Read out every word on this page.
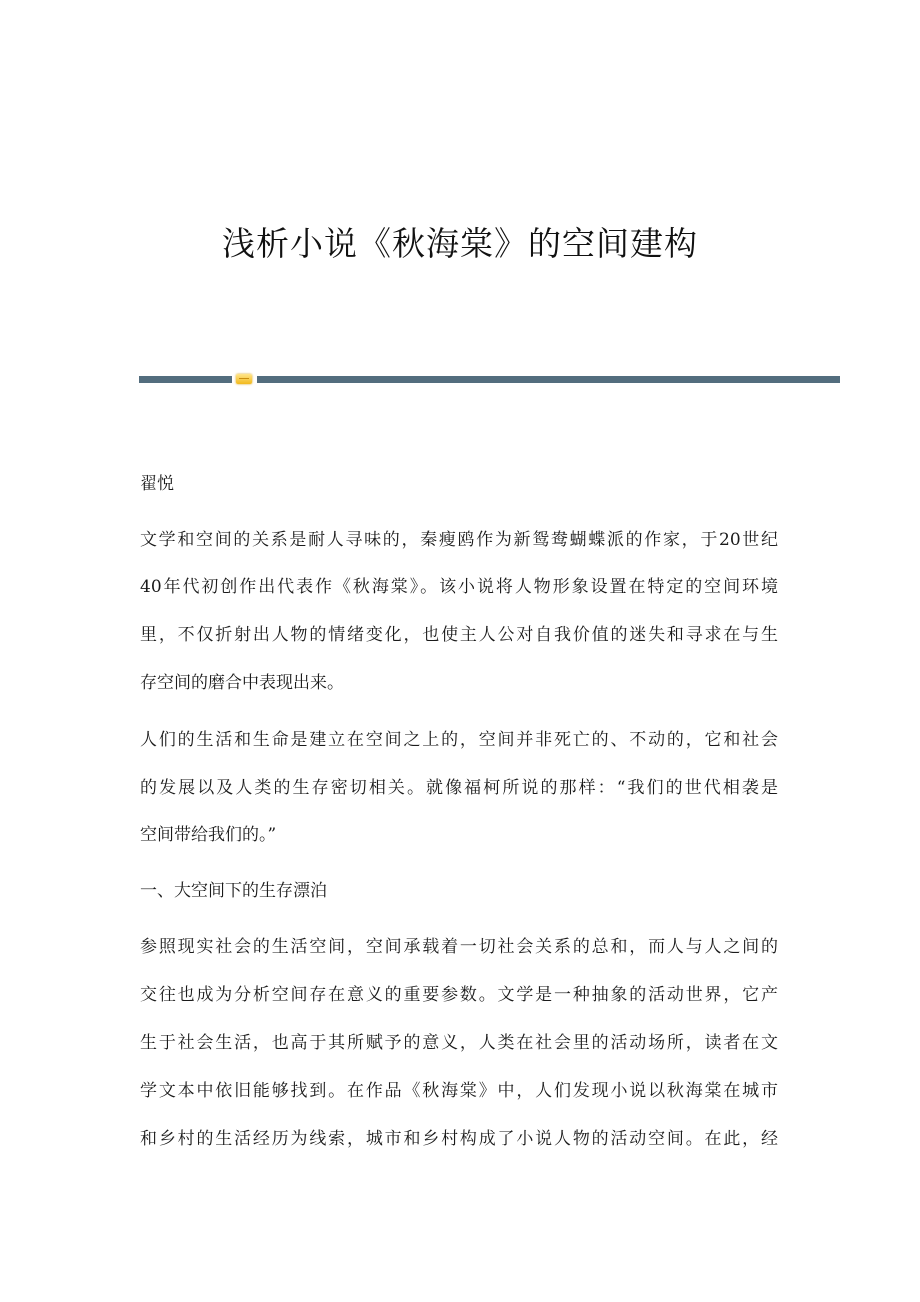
浅析小说《秋海棠》的空间建构
翟悦
文学和空间的关系是耐人寻味的，秦瘦鸥作为新鸳鸯蝴蝶派的作家，于20世纪
40年代初创作出代表作《秋海棠》。该小说将人物形象设置在特定的空间环境
里，不仅折射出人物的情绪变化，也使主人公对自我价值的迷失和寻求在与生
存空间的磨合中表现出来。
人们的生活和生命是建立在空间之上的，空间并非死亡的、不动的，它和社会
的发展以及人类的生存密切相关。就像福柯所说的那样：“我们的世代相袭是
空间带给我们的。”
一、大空间下的生存漂泊
参照现实社会的生活空间，空间承载着一切社会关系的总和，而人与人之间的
交往也成为分析空间存在意义的重要参数。文学是一种抽象的活动世界，它产
生于社会生活，也高于其所赋予的意义，人类在社会里的活动场所，读者在文
学文本中依旧能够找到。在作品《秋海棠》中，人们发现小说以秋海棠在城市
和乡村的生活经历为线索，城市和乡村构成了小说人物的活动空间。在此，经
